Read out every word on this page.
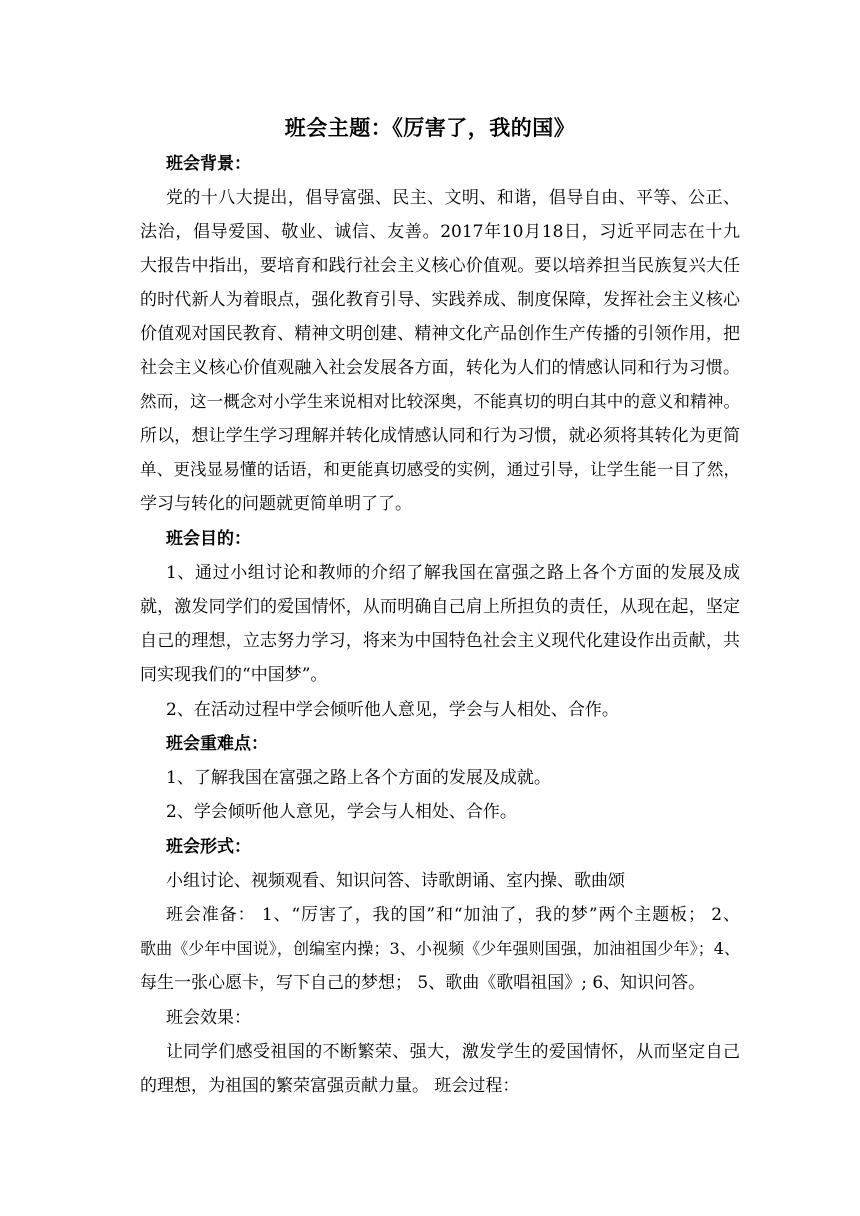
班会主题：《厉害了，我的国》
班会背景：
党的十八大提出，倡导富强、民主、文明、和谐，倡导自由、平等、公正、
法治，倡导爱国、敬业、诚信、友善。2017年10月18日，习近平同志在十九
大报告中指出，要培育和践行社会主义核心价值观。要以培养担当民族复兴大任
的时代新人为着眼点，强化教育引导、实践养成、制度保障，发挥社会主义核心
价值观对国民教育、精神文明创建、精神文化产品创作生产传播的引领作用，把
社会主义核心价值观融入社会发展各方面，转化为人们的情感认同和行为习惯。
然而，这一概念对小学生来说相对比较深奥，不能真切的明白其中的意义和精神。
所以，想让学生学习理解并转化成情感认同和行为习惯，就必须将其转化为更简
单、更浅显易懂的话语，和更能真切感受的实例，通过引导，让学生能一目了然，
学习与转化的问题就更简单明了了。
班会目的：
1、通过小组讨论和教师的介绍了解我国在富强之路上各个方面的发展及成
就，激发同学们的爱国情怀，从而明确自己肩上所担负的责任，从现在起，坚定
自己的理想，立志努力学习，将来为中国特色社会主义现代化建设作出贡献，共
同实现我们的“中国梦”。
2、在活动过程中学会倾听他人意见，学会与人相处、合作。
班会重难点：
1、了解我国在富强之路上各个方面的发展及成就。
2、学会倾听他人意见，学会与人相处、合作。
班会形式：
小组讨论、视频观看、知识问答、诗歌朗诵、室内操、歌曲颂
班会准备： 1、“厉害了，我的国”和“加油了，我的梦”两个主题板； 2、
歌曲《少年中国说》，创编室内操；3、小视频《少年强则国强，加油祖国少年》；4、
每生一张心愿卡，写下自己的梦想； 5、歌曲《歌唱祖国》; 6、知识问答。
班会效果：
让同学们感受祖国的不断繁荣、强大，激发学生的爱国情怀，从而坚定自己
的理想，为祖国的繁荣富强贡献力量。 班会过程：
